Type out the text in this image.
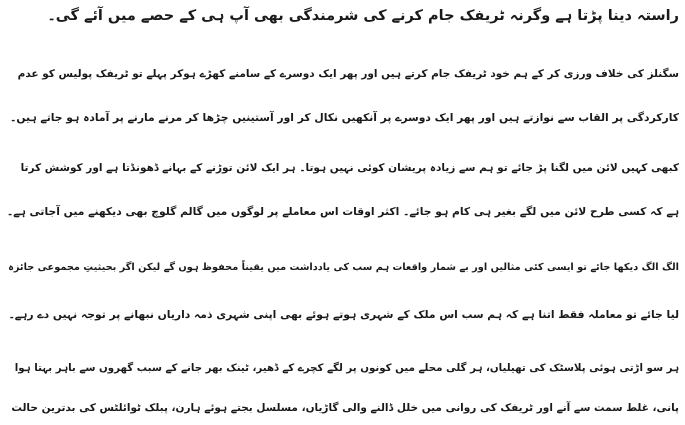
راستہ دینا پڑتا ہے وگرنہ ٹریفک جام کرنے کی شرمندگی بھی آپ ہی کے حصے میں آئے گی۔
سگنلز کی خلاف ورزی کر کے ہم خود ٹریفک جام کرتے ہیں اور پھر ایک دوسرے کے سامنے کھڑے ہوکر پہلے تو ٹریفک پولیس کو عدم
کارکردگی پر القاب سے نوازتے ہیں اور پھر ایک دوسرے پر آنکھیں نکال کر اور آستینیں چڑھا کر مرنے مارنے پر آمادہ ہو جاتے ہیں۔
کبھی کہیں لائن میں لگنا پڑ جائے تو ہم سے زیادہ پریشان کوئی نہیں ہوتا۔ ہر ایک لائن توڑنے کے بہانے ڈھونڈتا ہے اور کوشش کرتا
ہے کہ کسی طرح لائن میں لگے بغیر ہی کام ہو جائے۔ اکثر اوقات اس معاملے پر لوگوں میں گالم گلوچ بھی دیکھنے میں آجاتی ہے۔
الگ الگ دیکھا جائے تو ایسی کئی مثالیں اور بے شمار واقعات ہم سب کی یادداشت میں یقیناً محفوظ ہوں گے لیکن اگر بحیثیتِ مجموعی جائزہ
لیا جائے تو معاملہ فقط اتنا ہے کہ ہم سب اس ملک کے شہری ہوتے ہوئے بھی اپنی شہری ذمہ داریاں نبھانے پر توجہ نہیں دے رہے۔
ہر سو اڑتی ہوئی پلاسٹک کی تھیلیاں، ہر گلی محلے میں کونوں پر لگے کچرے کے ڈھیر، ٹینک بھر جانے کے سبب گھروں سے باہر بہتا ہوا
پانی، غلط سمت سے آنے اور ٹریفک کی روانی میں خلل ڈالنے والی گاڑیاں، مسلسل بجتے ہوئے ہارن، پبلک ٹوائلٹس کی بدترین حالت
